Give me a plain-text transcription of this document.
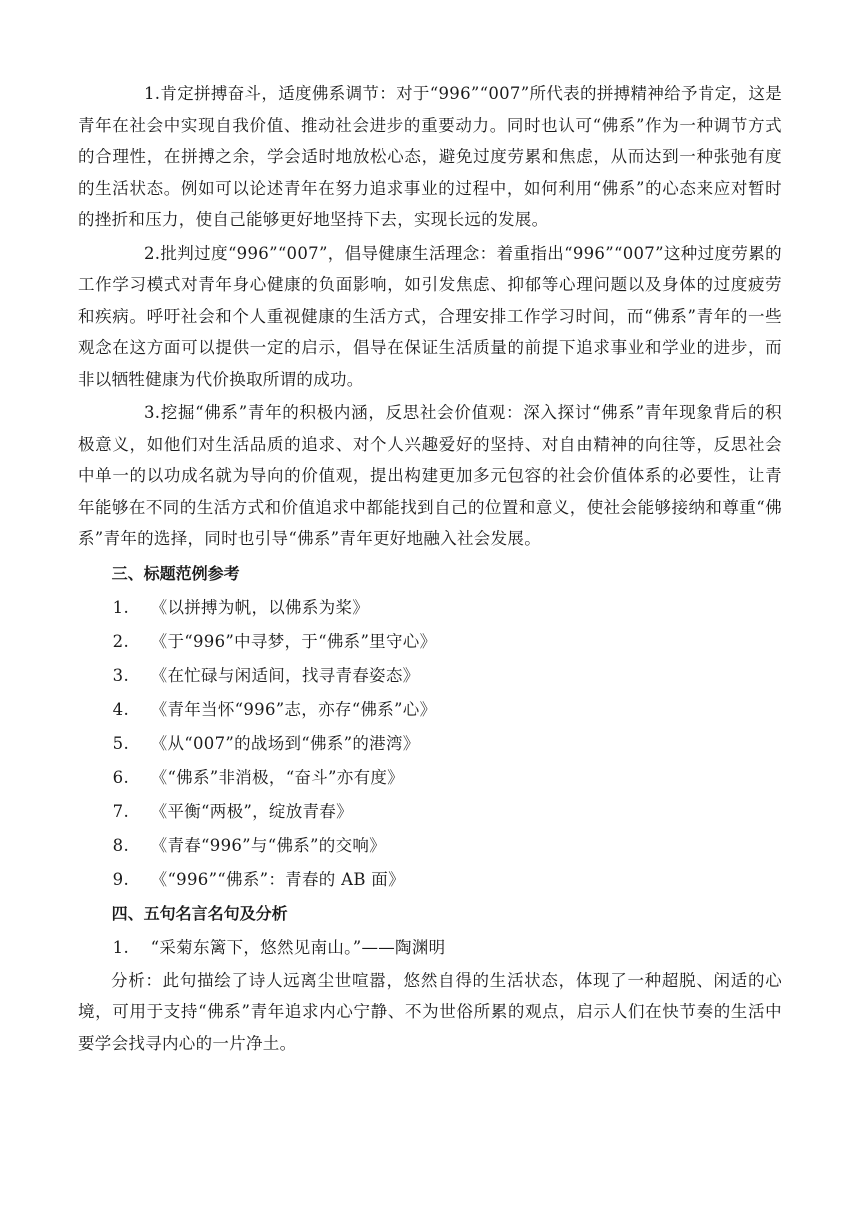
1.肯定拼搏奋斗，适度佛系调节：对于“996”“007”所代表的拼搏精神给予肯定，这是青年在社会中实现自我价值、推动社会进步的重要动力。同时也认可“佛系”作为一种调节方式的合理性，在拼搏之余，学会适时地放松心态，避免过度劳累和焦虑，从而达到一种张弛有度的生活状态。例如可以论述青年在努力追求事业的过程中，如何利用“佛系”的心态来应对暂时的挫折和压力，使自己能够更好地坚持下去，实现长远的发展。

2.批判过度“996”“007”，倡导健康生活理念：着重指出“996”“007”这种过度劳累的工作学习模式对青年身心健康的负面影响，如引发焦虑、抑郁等心理问题以及身体的过度疲劳和疾病。呼吁社会和个人重视健康的生活方式，合理安排工作学习时间，而“佛系”青年的一些观念在这方面可以提供一定的启示，倡导在保证生活质量的前提下追求事业和学业的进步，而非以牺牲健康为代价换取所谓的成功。

3.挖掘“佛系”青年的积极内涵，反思社会价值观：深入探讨“佛系”青年现象背后的积极意义，如他们对生活品质的追求、对个人兴趣爱好的坚持、对自由精神的向往等，反思社会中单一的以功成名就为导向的价值观，提出构建更加多元包容的社会价值体系的必要性，让青年能够在不同的生活方式和价值追求中都能找到自己的位置和意义，使社会能够接纳和尊重“佛系”青年的选择，同时也引导“佛系”青年更好地融入社会发展。

三、标题范例参考

1. 《以拼搏为帆，以佛系为桨》

2. 《于“996”中寻梦，于“佛系”里守心》

3. 《在忙碌与闲适间，找寻青春姿态》

4. 《青年当怀“996”志，亦存“佛系”心》

5. 《从“007”的战场到“佛系”的港湾》

6. 《“佛系”非消极，“奋斗”亦有度》

7. 《平衡“两极”，绽放青春》

8. 《青春“996”与“佛系”的交响》

9. 《“996”“佛系”：青春的 AB 面》

四、五句名言名句及分析

1. “采菊东篱下，悠然见南山。”——陶渊明

分析：此句描绘了诗人远离尘世喧嚣，悠然自得的生活状态，体现了一种超脱、闲适的心境，可用于支持“佛系”青年追求内心宁静、不为世俗所累的观点，启示人们在快节奏的生活中要学会找寻内心的一片净土。
